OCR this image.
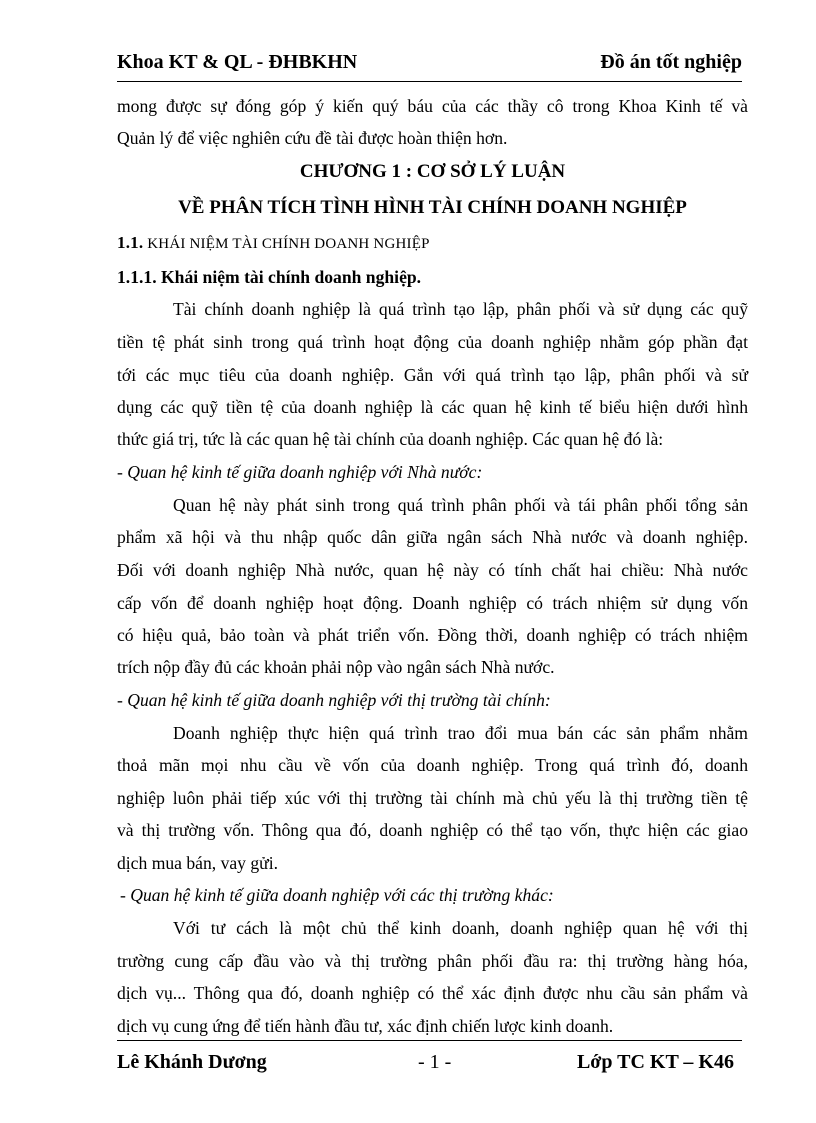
Khoa KT & QL - ĐHBKHN	Đồ án tốt nghiệp
mong được sự đóng góp ý kiến quý báu của các thầy cô trong Khoa Kinh tế và
Quản lý để việc nghiên cứu đề tài được hoàn thiện hơn.
CHƯƠNG 1 : CƠ SỞ LÝ LUẬN
VỀ PHÂN TÍCH TÌNH HÌNH TÀI CHÍNH DOANH NGHIỆP
1.1. KHÁI NIỆM TÀI CHÍNH DOANH NGHIỆP
1.1.1. Khái niệm tài chính doanh nghiệp.
Tài chính doanh nghiệp là quá trình tạo lập, phân phối và sử dụng các quỹ
tiền tệ phát sinh trong quá trình hoạt động của doanh nghiệp nhằm góp phần đạt
tới các mục tiêu của doanh nghiệp. Gắn với quá trình tạo lập, phân phối và sử
dụng các quỹ tiền tệ của doanh nghiệp là các quan hệ kinh tế biểu hiện dưới hình
thức giá trị, tức là các quan hệ tài chính của doanh nghiệp. Các quan hệ đó là:
- Quan hệ kinh tế giữa doanh nghiệp với Nhà nước:
Quan hệ này phát sinh trong quá trình phân phối và tái phân phối tổng sản
phẩm xã hội và thu nhập quốc dân giữa ngân sách Nhà nước và doanh nghiệp.
Đối với doanh nghiệp Nhà nước, quan hệ này có tính chất hai chiều: Nhà nước
cấp vốn để doanh nghiệp hoạt động. Doanh nghiệp có trách nhiệm sử dụng vốn
có hiệu quả, bảo toàn và phát triển vốn. Đồng thời, doanh nghiệp có trách nhiệm
trích nộp đầy đủ các khoản phải nộp vào ngân sách Nhà nước.
- Quan hệ kinh tế giữa doanh nghiệp với thị trường tài chính:
Doanh nghiệp thực hiện quá trình trao đổi mua bán các sản phẩm nhằm
thoả mãn mọi nhu cầu về vốn của doanh nghiệp. Trong quá trình đó, doanh
nghiệp luôn phải tiếp xúc với thị trường tài chính mà chủ yếu là thị trường tiền tệ
và thị trường vốn. Thông qua đó, doanh nghiệp có thể tạo vốn, thực hiện các giao
dịch mua bán, vay gửi.
- Quan hệ kinh tế giữa doanh nghiệp với các thị trường khác:
Với tư cách là một chủ thể kinh doanh, doanh nghiệp quan hệ với thị
trường cung cấp đầu vào và thị trường phân phối đầu ra: thị trường hàng hóa,
dịch vụ... Thông qua đó, doanh nghiệp có thể xác định được nhu cầu sản phẩm và
dịch vụ cung ứng để tiến hành đầu tư, xác định chiến lược kinh doanh.
Lê Khánh Dương	- 1 -	Lớp TC KT – K46
